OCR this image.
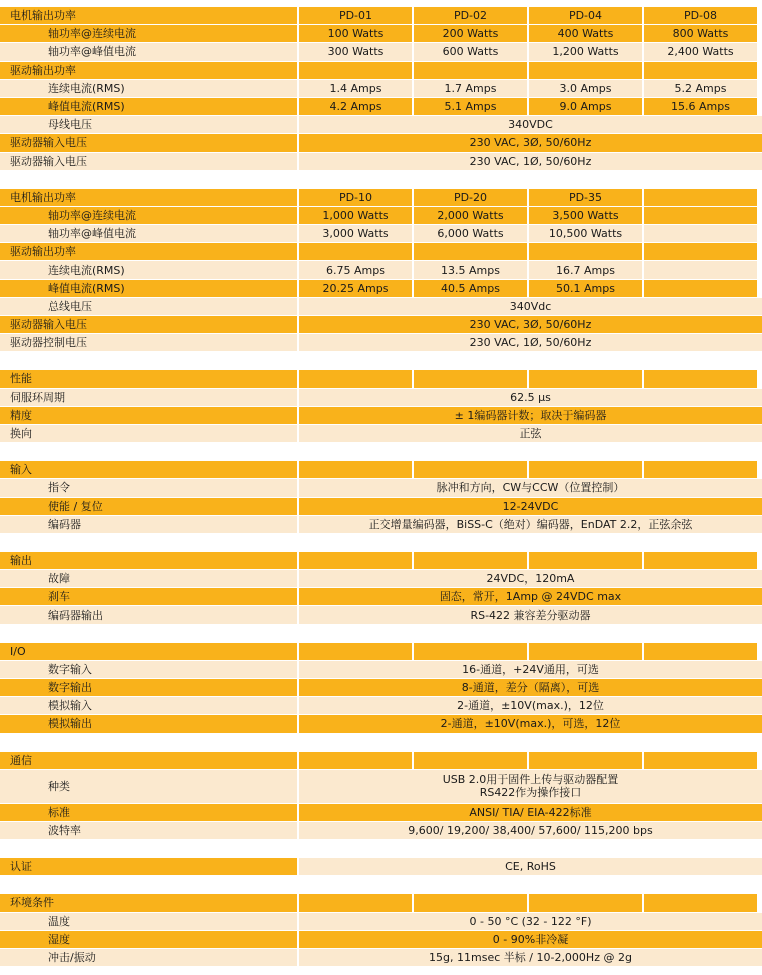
电机输出功率	PD-01	PD-02	PD-04	PD-08
轴功率@连续电流	100 Watts	200 Watts	400 Watts	800 Watts
轴功率@峰值电流	300 Watts	600 Watts	1,200 Watts	2,400 Watts
驱动输出功率
连续电流(RMS)	1.4 Amps	1.7 Amps	3.0 Amps	5.2 Amps
峰值电流(RMS)	4.2 Amps	5.1 Amps	9.0 Amps	15.6 Amps
母线电压	340VDC
驱动器输入电压	230 VAC, 3Ø, 50/60Hz
驱动器输入电压	230 VAC, 1Ø, 50/60Hz
电机输出功率	PD-10	PD-20	PD-35
轴功率@连续电流	1,000 Watts	2,000 Watts	3,500 Watts
轴功率@峰值电流	3,000 Watts	6,000 Watts	10,500 Watts
驱动输出功率
连续电流(RMS)	6.75 Amps	13.5 Amps	16.7 Amps
峰值电流(RMS)	20.25 Amps	40.5 Amps	50.1 Amps
总线电压	340Vdc
驱动器输入电压	230 VAC, 3Ø, 50/60Hz
驱动器控制电压	230 VAC, 1Ø, 50/60Hz
性能
伺服环周期	62.5 µs
精度	± 1编码器计数；取决于编码器
换向	正弦
输入
指令	脉冲和方向，CW与CCW（位置控制）
使能 / 复位	12-24VDC
编码器	正交增量编码器，BiSS-C（绝对）编码器，EnDAT 2.2，正弦余弦
输出
故障	24VDC，120mA
刹车	固态，常开，1Amp @ 24VDC max
编码器输出	RS-422 兼容差分驱动器
I/O
数字输入	16-通道，+24V通用，可选
数字输出	8-通道，差分（隔离），可选
模拟输入	2-通道，±10V(max.)，12位
模拟输出	2-通道，±10V(max.)，可选，12位
通信
种类	USB 2.0用于固件上传与驱动器配置
RS422作为操作接口
标准	ANSI/ TIA/ EIA-422标准
波特率	9,600/ 19,200/ 38,400/ 57,600/ 115,200 bps
认证	CE, RoHS
环境条件
温度	0 - 50 °C (32 - 122 °F)
湿度	0 - 90%非冷凝
冲击/振动	15g, 11msec 半标 / 10-2,000Hz @ 2g
